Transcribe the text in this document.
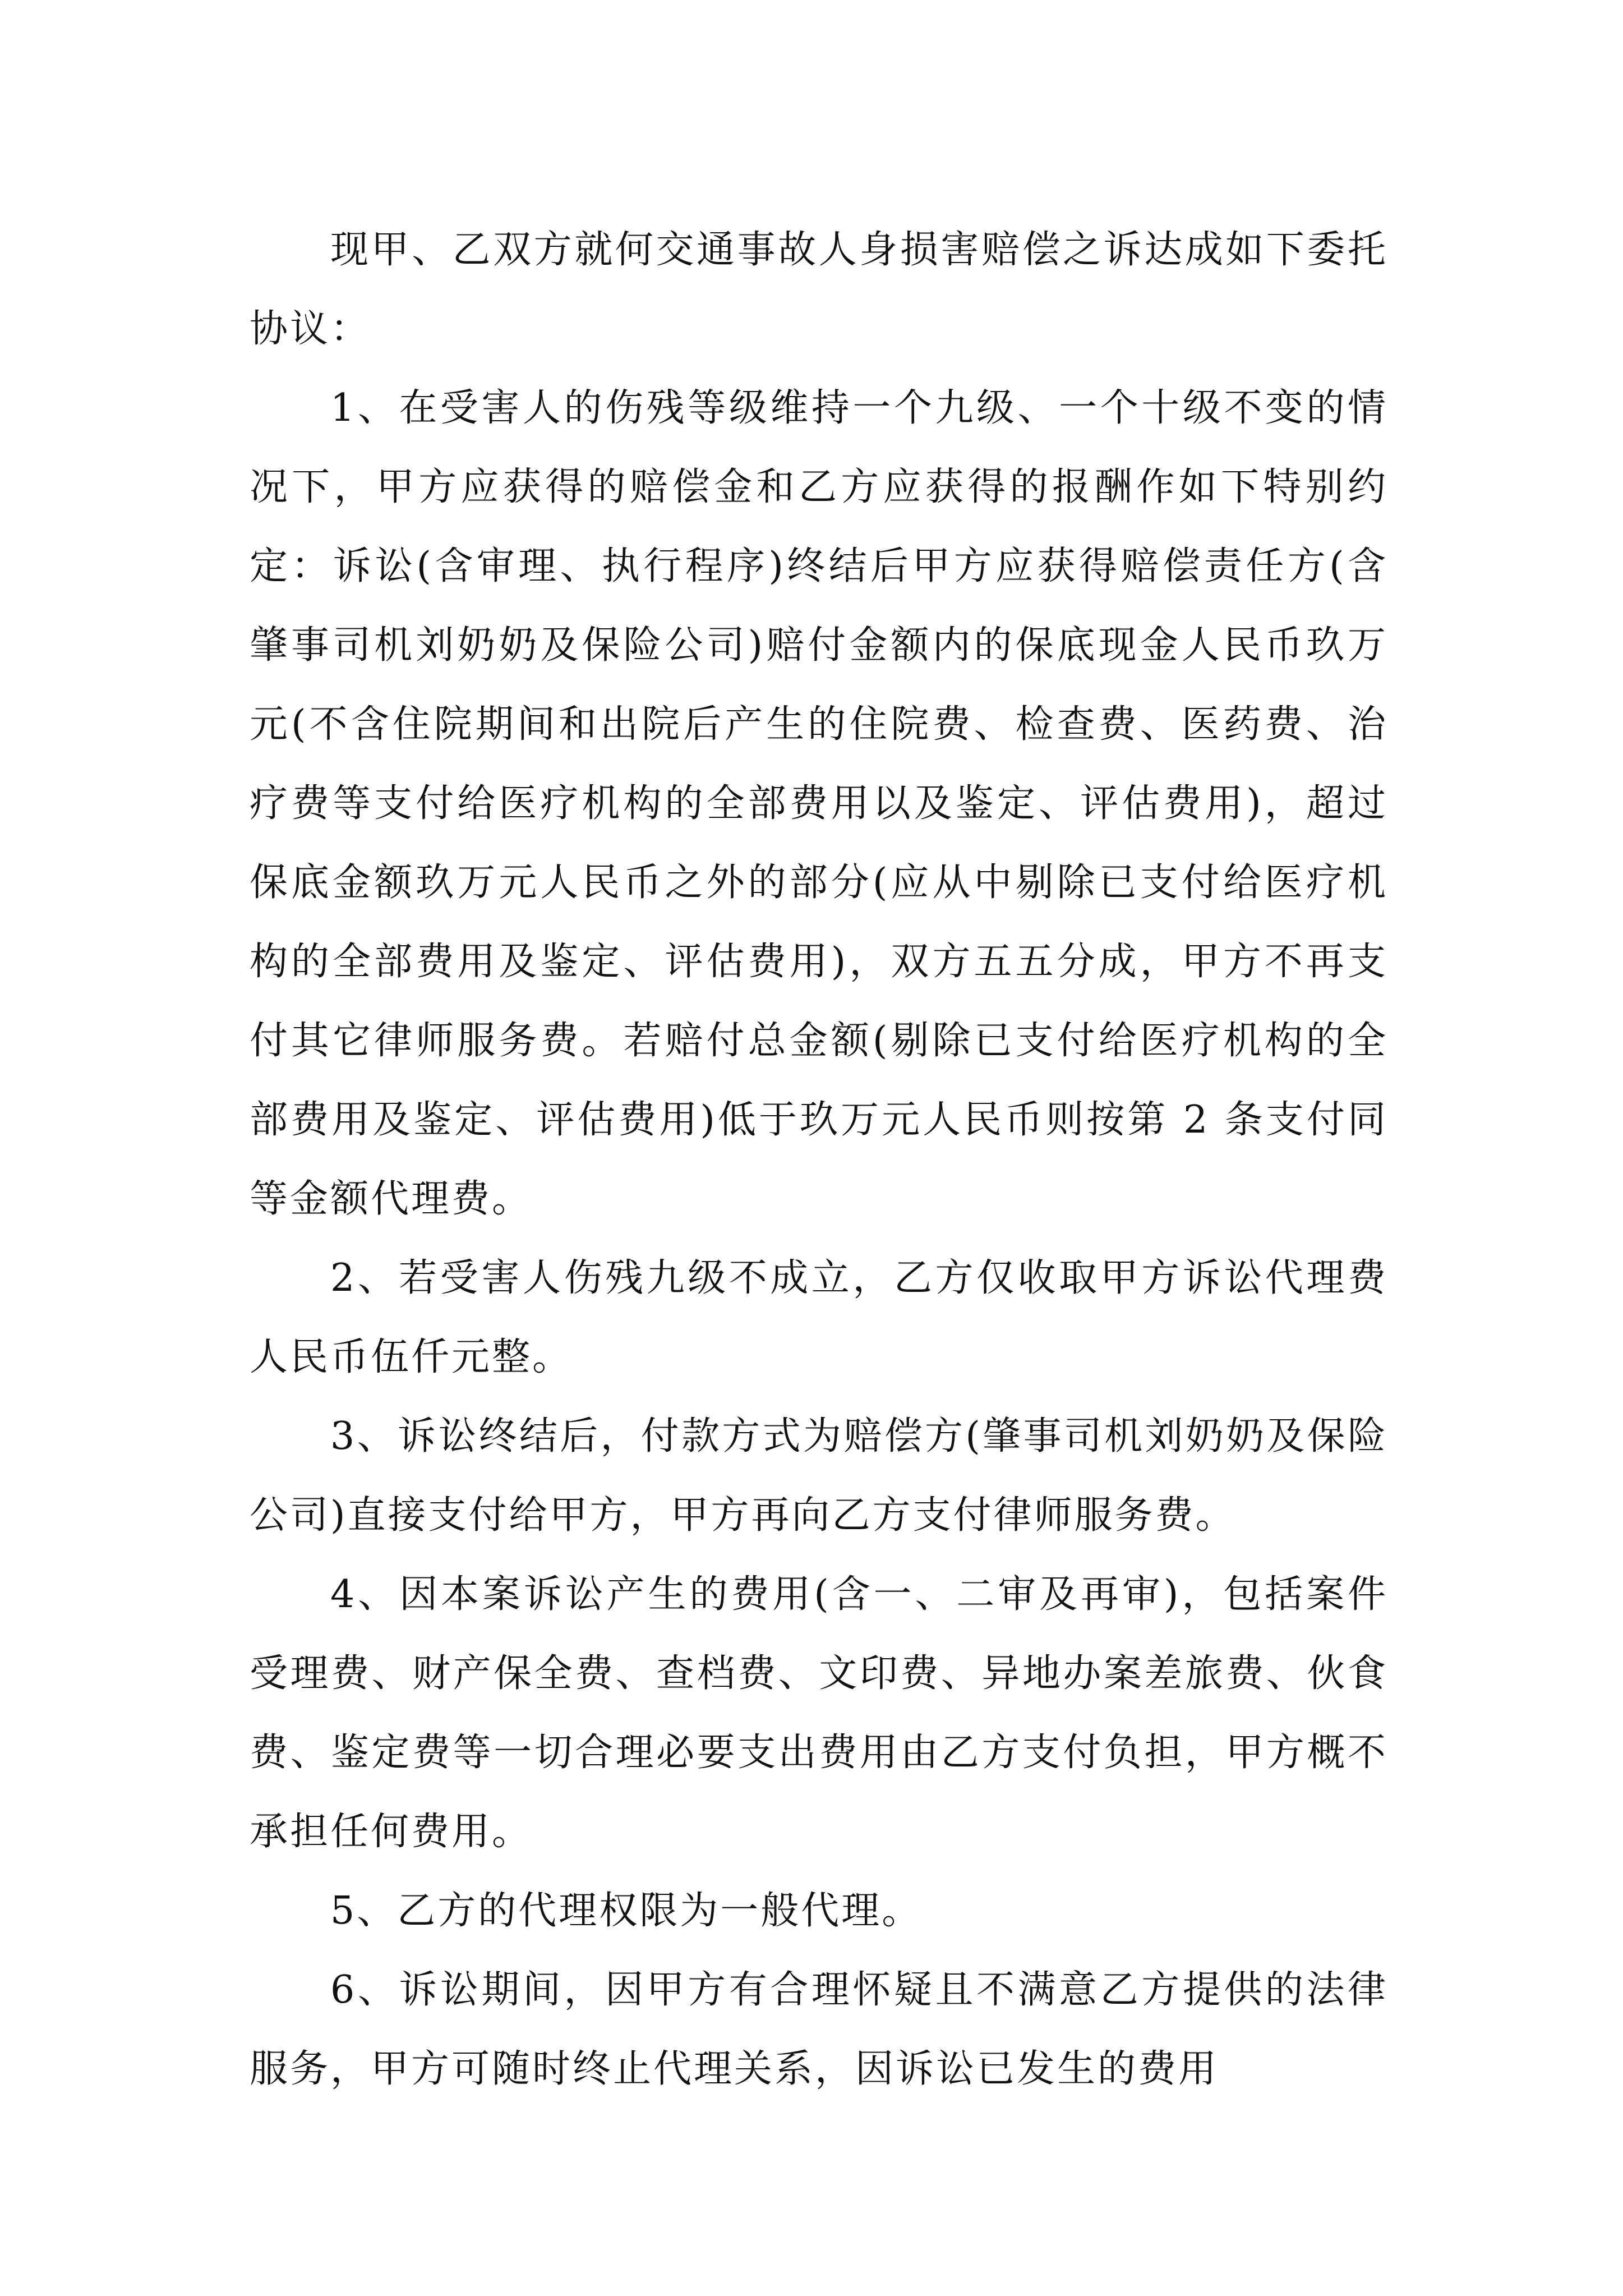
现甲、乙双方就何交通事故人身损害赔偿之诉达成如下委托协议：

1、在受害人的伤残等级维持一个九级、一个十级不变的情况下，甲方应获得的赔偿金和乙方应获得的报酬作如下特别约定：诉讼(含审理、执行程序)终结后甲方应获得赔偿责任方(含肇事司机刘奶奶及保险公司)赔付金额内的保底现金人民币玖万元(不含住院期间和出院后产生的住院费、检查费、医药费、治疗费等支付给医疗机构的全部费用以及鉴定、评估费用)，超过保底金额玖万元人民币之外的部分(应从中剔除已支付给医疗机构的全部费用及鉴定、评估费用)，双方五五分成，甲方不再支付其它律师服务费。若赔付总金额(剔除已支付给医疗机构的全部费用及鉴定、评估费用)低于玖万元人民币则按第 2 条支付同等金额代理费。

2、若受害人伤残九级不成立，乙方仅收取甲方诉讼代理费人民币伍仟元整。

3、诉讼终结后，付款方式为赔偿方(肇事司机刘奶奶及保险公司)直接支付给甲方，甲方再向乙方支付律师服务费。

4、因本案诉讼产生的费用(含一、二审及再审)，包括案件受理费、财产保全费、查档费、文印费、异地办案差旅费、伙食费、鉴定费等一切合理必要支出费用由乙方支付负担，甲方概不承担任何费用。

5、乙方的代理权限为一般代理。

6、诉讼期间，因甲方有合理怀疑且不满意乙方提供的法律服务，甲方可随时终止代理关系，因诉讼已发生的费用
